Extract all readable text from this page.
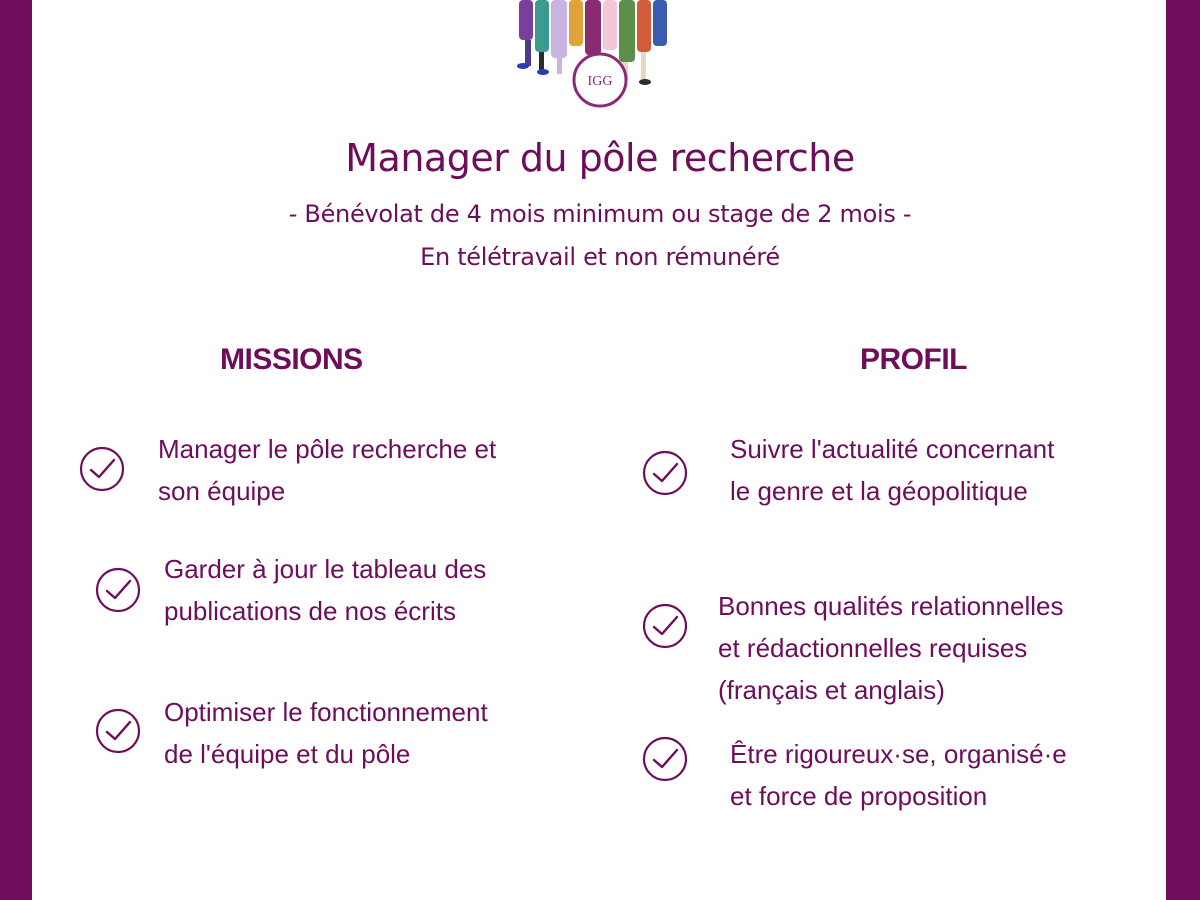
IGG
Manager du pôle recherche
- Bénévolat de 4 mois minimum ou stage de 2 mois -
En télétravail et non rémunéré
MISSIONS
Manager le pôle recherche et
son équipe
Garder à jour le tableau des
publications de nos écrits
Optimiser le fonctionnement
de l'équipe et du pôle
PROFIL
Suivre l'actualité concernant
le genre et la géopolitique
Bonnes qualités relationnelles
et rédactionnelles requises
(français et anglais)
Être rigoureux·se, organisé·e
et force de proposition
